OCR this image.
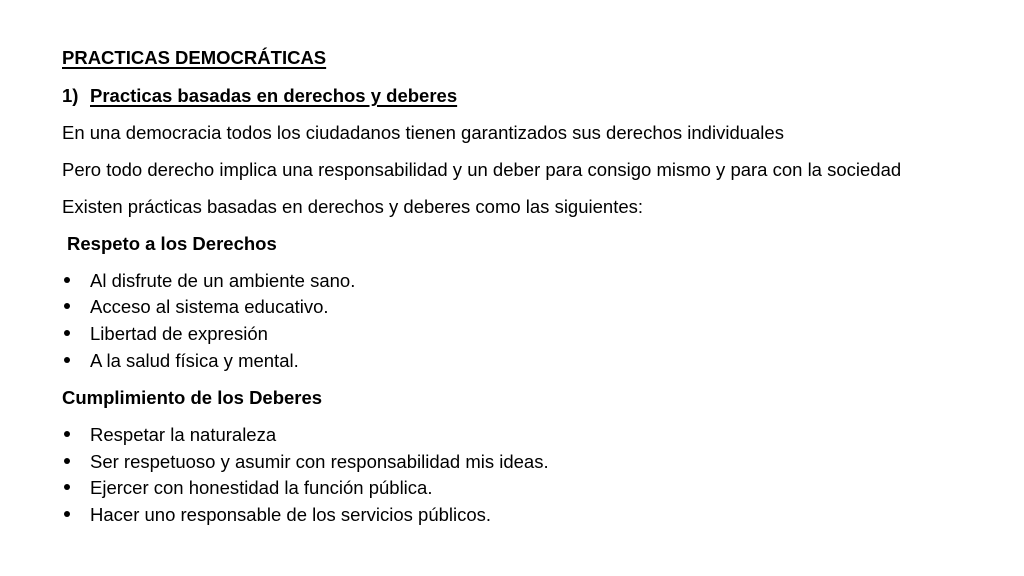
PRACTICAS DEMOCRÁTICAS

1) Practicas basadas en derechos y deberes

En una democracia todos los ciudadanos tienen garantizados sus derechos individuales

Pero todo derecho implica una responsabilidad y un deber para consigo mismo y para con la sociedad

Existen prácticas basadas en derechos y deberes como las siguientes:

Respeto a los Derechos

Al disfrute de un ambiente sano.
Acceso al sistema educativo.
Libertad de expresión
A la salud física y mental.

Cumplimiento de los Deberes

Respetar la naturaleza
Ser respetuoso y asumir con responsabilidad mis ideas.
Ejercer con honestidad la función pública.
Hacer uno responsable de los servicios públicos.
